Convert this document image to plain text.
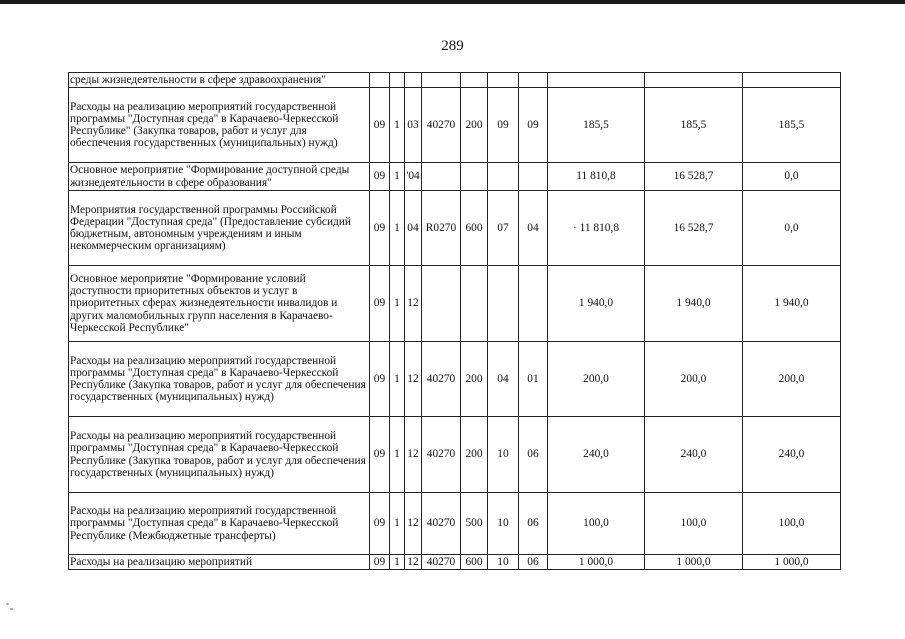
289
среды жизнедеятельности в сфере здравоохранения"										
Расходы на реализацию мероприятий государственной программы "Доступная среда" в Карачаево-Черкесской Республике" (Закупка товаров, работ и услуг для обеспечения государственных (муниципальных) нужд)	09	1	03	40270	200	09	09	185,5	185,5	185,5
Основное мероприятие "Формирование доступной среды жизнедеятельности в сфере образования"	09	1	'04					11 810,8	16 528,7	0,0
Мероприятия государственной программы Российской Федерации "Доступная среда" (Предоставление субсидий бюджетным, автономным учреждениям и иным некоммерческим организациям)	09	1	04	R0270	600	07	04	· 11 810,8	16 528,7	0,0
Основное мероприятие "Формирование условий доступности приоритетных объектов и услуг в приоритетных сферах жизнедеятельности инвалидов и других маломобильных групп населения в Карачаево-Черкесской Республике"	09	1	12					1 940,0	1 940,0	1 940,0
Расходы на реализацию мероприятий государственной программы "Доступная среда" в Карачаево-Черкесской Республике (Закупка товаров, работ и услуг для обеспечения государственных (муниципальных) нужд)	09	1	12	40270	200	04	01	200,0	200,0	200,0
Расходы на реализацию мероприятий государственной программы "Доступная среда" в Карачаево-Черкесской Республике (Закупка товаров, работ и услуг для обеспечения государственных (муниципальных) нужд)	09	1	12	40270	200	10	06	240,0	240,0	240,0
Расходы на реализацию мероприятий государственной программы "Доступная среда" в Карачаево-Черкесской Республике (Межбюджетные трансферты)	09	1	12	40270	500	10	06	100,0	100,0	100,0
Расходы на реализацию мероприятий	09	1	12	40270	600	10	06	1 000,0	1 000,0	1 000,0
